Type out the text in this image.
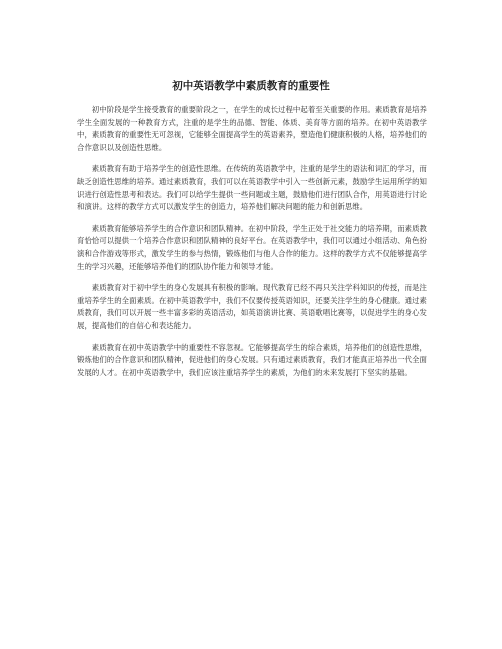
初中英语教学中素质教育的重要性

初中阶段是学生接受教育的重要阶段之一，在学生的成长过程中起着至关重要的作用。素质教育是培养学生全面发展的一种教育方式，注重的是学生的品德、智能、体质、美育等方面的培养。在初中英语教学中，素质教育的重要性无可忽视，它能够全面提高学生的英语素养，塑造他们健康积极的人格，培养他们的合作意识以及创造性思维。

素质教育有助于培养学生的创造性思维。在传统的英语教学中，注重的是学生的语法和词汇的学习，而缺乏创造性思维的培养。通过素质教育，我们可以在英语教学中引入一些创新元素，鼓励学生运用所学的知识进行创造性思考和表达。我们可以给学生提供一些问题或主题，鼓励他们进行团队合作，用英语进行讨论和演讲。这样的教学方式可以激发学生的创造力，培养他们解决问题的能力和创新思维。

素质教育能够培养学生的合作意识和团队精神。在初中阶段，学生正处于社交能力的培养期，而素质教育恰恰可以提供一个培养合作意识和团队精神的良好平台。在英语教学中，我们可以通过小组活动、角色扮演和合作游戏等形式，激发学生的参与热情，锻炼他们与他人合作的能力。这样的教学方式不仅能够提高学生的学习兴趣，还能够培养他们的团队协作能力和领导才能。

素质教育对于初中学生的身心发展具有积极的影响。现代教育已经不再只关注学科知识的传授，而是注重培养学生的全面素质。在初中英语教学中，我们不仅要传授英语知识，还要关注学生的身心健康。通过素质教育，我们可以开展一些丰富多彩的英语活动，如英语演讲比赛、英语歌唱比赛等，以促进学生的身心发展，提高他们的自信心和表达能力。

素质教育在初中英语教学中的重要性不容忽视。它能够提高学生的综合素质，培养他们的创造性思维，锻炼他们的合作意识和团队精神，促进他们的身心发展。只有通过素质教育，我们才能真正培养出一代全面发展的人才。在初中英语教学中，我们应该注重培养学生的素质，为他们的未来发展打下坚实的基础。
